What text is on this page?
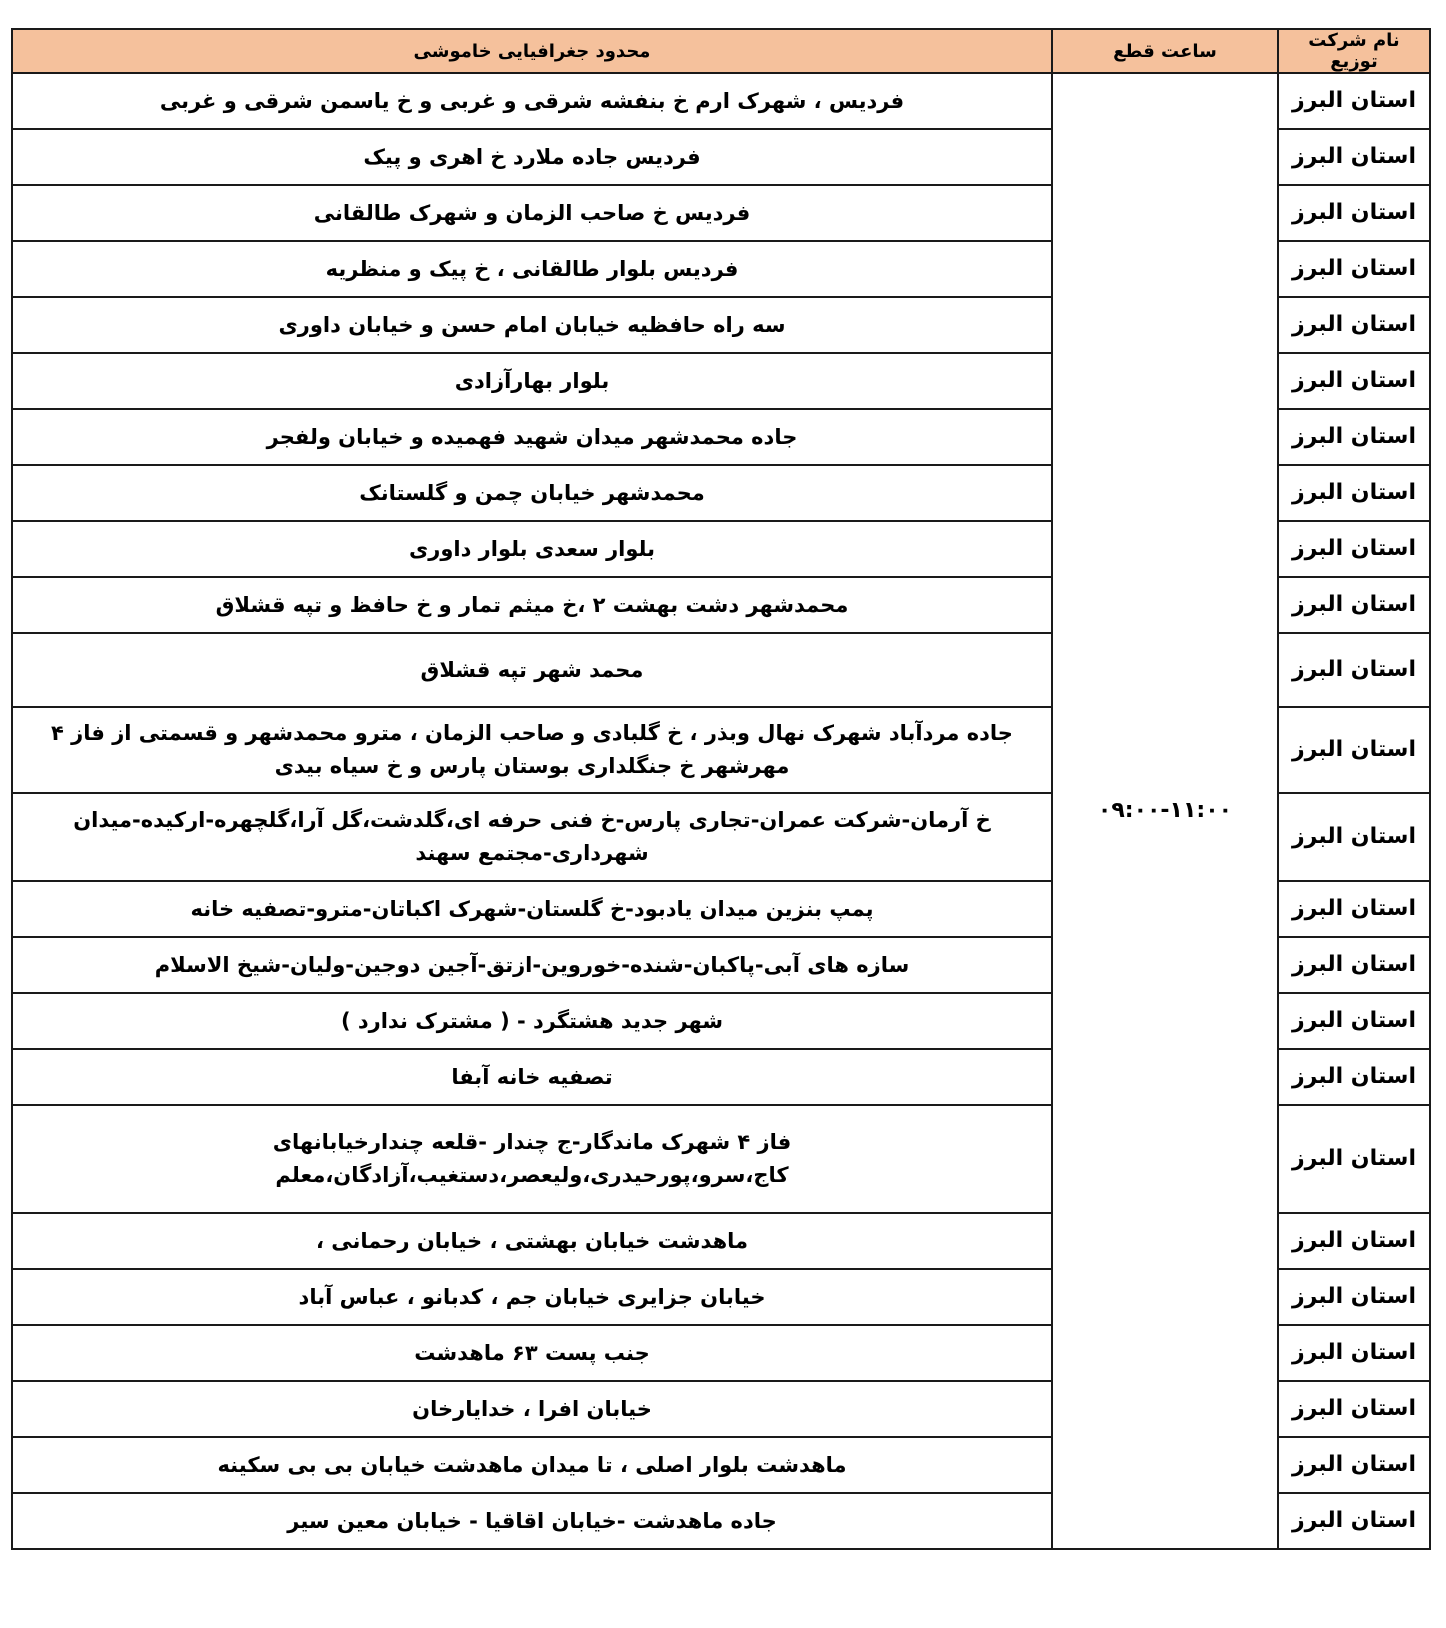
نام شرکت توزیع	ساعت قطع	محدود جغرافیایی خاموشی
استان البرز	۰۹:۰۰-۱۱:۰۰	فردیس ، شهرک ارم خ بنفشه شرقی و غربی و خ یاسمن شرقی و غربی
استان البرز		فردیس جاده ملارد خ اهری و پیک
استان البرز		فردیس خ صاحب الزمان و شهرک طالقانی
استان البرز		فردیس بلوار طالقانی ، خ پیک و منظریه
استان البرز		سه راه حافظیه خیابان امام حسن و خیابان داوری
استان البرز		بلوار بهارآزادی
استان البرز		جاده محمدشهر میدان شهید فهمیده و خیابان ولفجر
استان البرز		محمدشهر خیابان چمن و گلستانک
استان البرز		بلوار سعدی بلوار داوری
استان البرز		محمدشهر دشت بهشت ۲ ،خ میثم تمار و خ حافظ و تپه قشلاق
استان البرز		محمد شهر تپه قشلاق
استان البرز		جاده مردآباد شهرک نهال وبذر ، خ گلبادی و صاحب الزمان ، مترو محمدشهر و قسمتی از فاز ۴ مهرشهر خ جنگلداری بوستان پارس و خ سیاه بیدی
استان البرز		خ آرمان-شرکت عمران-تجاری پارس-خ فنی حرفه ای،گلدشت،گل آرا،گلچهره-ارکیده-میدان شهرداری-مجتمع سهند
استان البرز		پمپ بنزین میدان یادبود-خ گلستان-شهرک اکباتان-مترو-تصفیه خانه
استان البرز		سازه های آبی-پاکبان-شنده-خوروین-ازتق-آجین دوجین-ولیان-شیخ الاسلام
استان البرز		شهر جدید هشتگرد - ( مشترک ندارد )
استان البرز		تصفیه خانه آبفا
استان البرز		فاز ۴ شهرک ماندگار-ج چندار -قلعه چندارخیابانهای کاج،سرو،پورحیدری،ولیعصر،دستغیب،آزادگان،معلم
استان البرز		ماهدشت خیابان بهشتی ، خیابان رحمانی ،
استان البرز		خیابان جزایری خیابان جم ، کدبانو ، عباس آباد
استان البرز		جنب پست ۶۳ ماهدشت
استان البرز		خیابان افرا ، خدایارخان
استان البرز		ماهدشت بلوار اصلی ، تا میدان ماهدشت خیابان بی بی سکینه
استان البرز		جاده ماهدشت -خیابان اقاقیا - خیابان معین سیر
